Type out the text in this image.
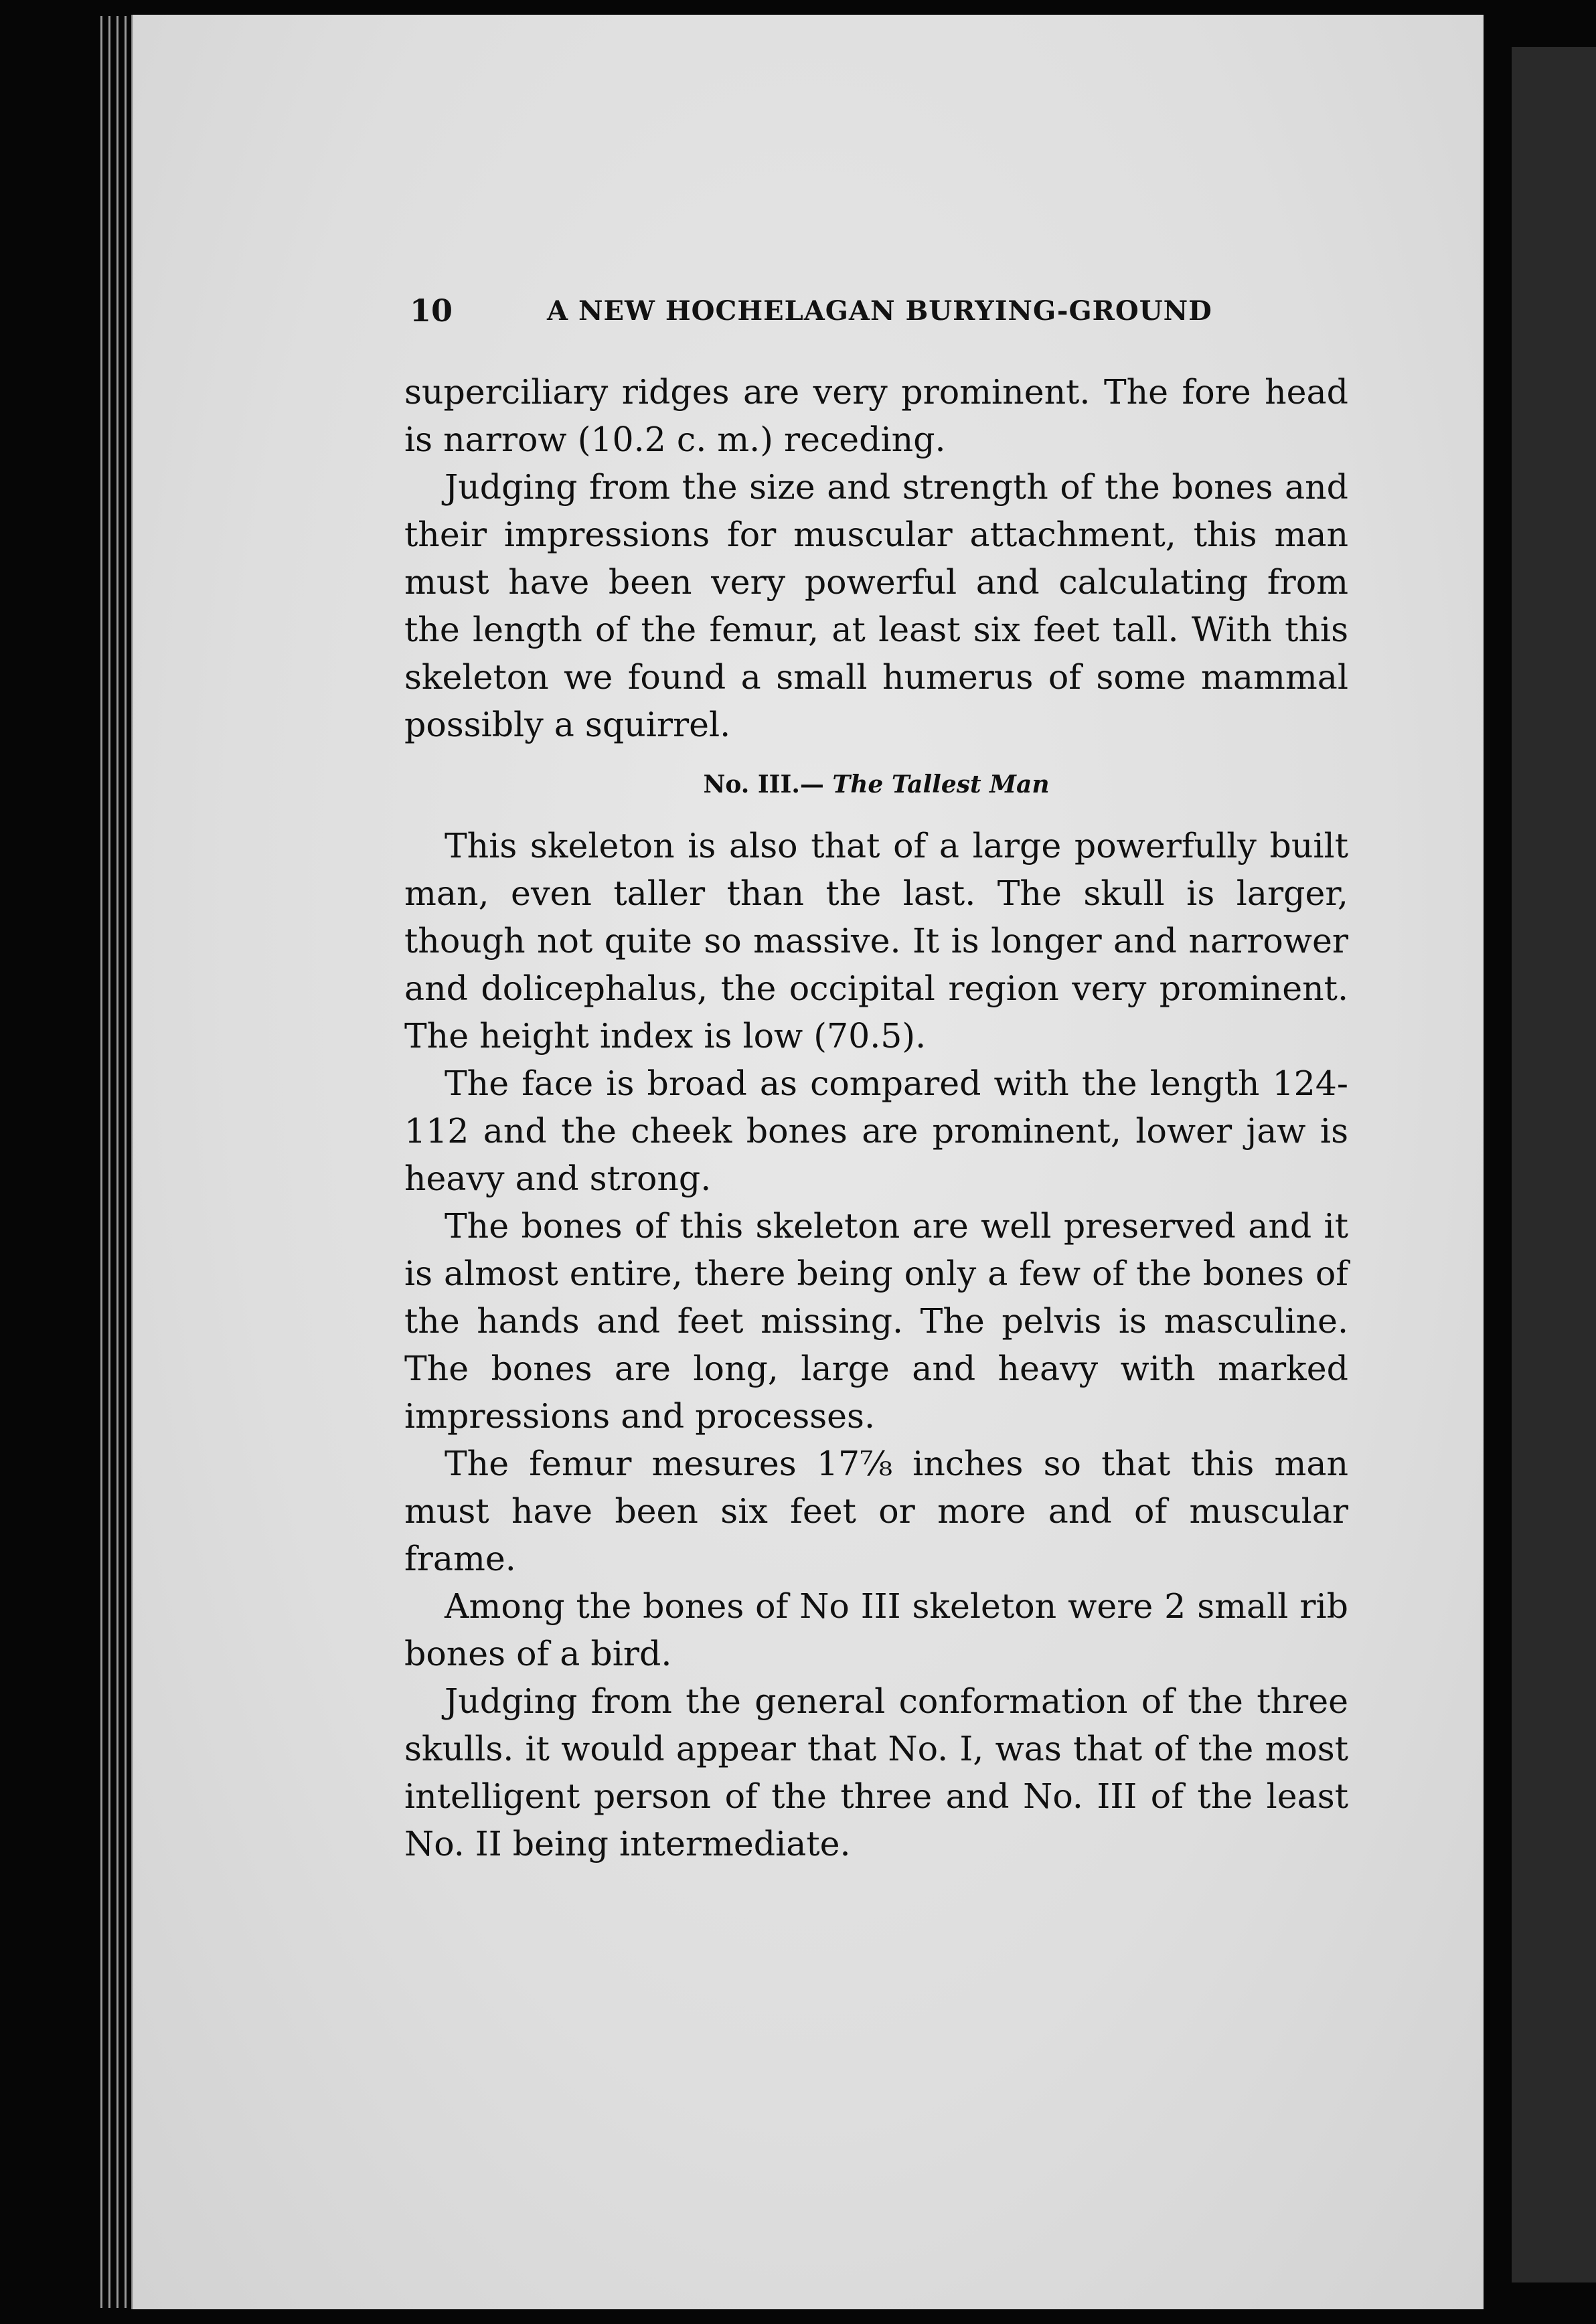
10	A NEW HOCHELAGAN BURYING-GROUND

superciliary ridges are very prominent. The fore head is narrow (10.2 c. m.) receding.

Judging from the size and strength of the bones and their impressions for muscular attachment, this man must have been very powerful and calculating from the length of the femur, at least six feet tall. With this skeleton we found a small humerus of some mammal possibly a squirrel.

No. III.— The Tallest Man

This skeleton is also that of a large powerfully built man, even taller than the last. The skull is larger, though not quite so massive. It is longer and narrower and dolicephalus, the occipital region very prominent. The height index is low (70.5).

The face is broad as compared with the length 124-112 and the cheek bones are prominent, lower jaw is heavy and strong.

The bones of this skeleton are well preserved and it is almost entire, there being only a few of the bones of the hands and feet missing. The pelvis is masculine. The bones are long, large and heavy with marked impressions and processes.

The femur mesures 17⅞ inches so that this man must have been six feet or more and of muscular frame.

Among the bones of No III skeleton were 2 small rib bones of a bird.

Judging from the general conformation of the three skulls. it would appear that No. I, was that of the most intelligent person of the three and No. III of the least No. II being intermediate.
